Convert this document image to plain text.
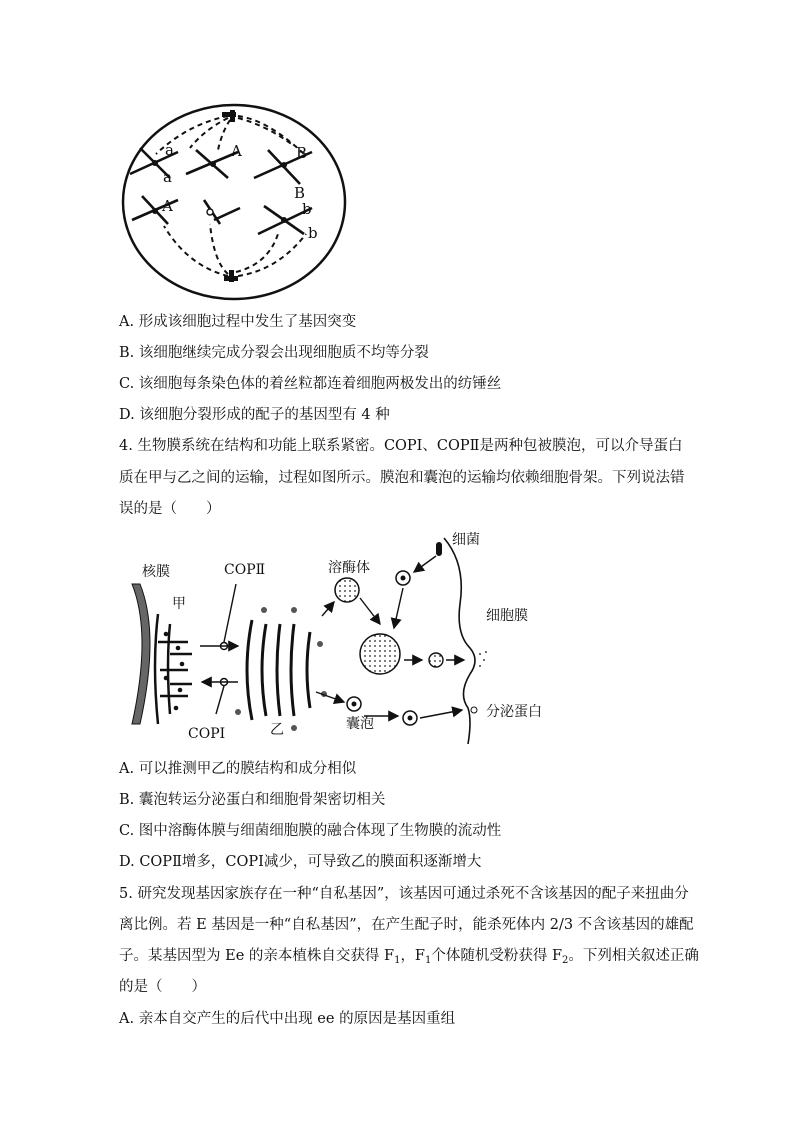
a
a
A
A
B
B
b
b
A. 形成该细胞过程中发生了基因突变
B. 该细胞继续完成分裂会出现细胞质不均等分裂
C. 该细胞每条染色体的着丝粒都连着细胞两极发出的纺锤丝
D. 该细胞分裂形成的配子的基因型有 4 种
4. 生物膜系统在结构和功能上联系紧密。COPⅠ、COPⅡ是两种包被膜泡，可以介导蛋白
质在甲与乙之间的运输，过程如图所示。膜泡和囊泡的运输均依赖细胞骨架。下列说法错
误的是（　　）
核膜
甲
COPⅡ
COPⅠ	乙
溶酶体
细菌
细胞膜
囊泡
分泌蛋白
A. 可以推测甲乙的膜结构和成分相似
B. 囊泡转运分泌蛋白和细胞骨架密切相关
C. 图中溶酶体膜与细菌细胞膜的融合体现了生物膜的流动性
D. COPⅡ增多，COPⅠ减少，可导致乙的膜面积逐渐增大
5. 研究发现基因家族存在一种“自私基因”，该基因可通过杀死不含该基因的配子来扭曲分
离比例。若 E 基因是一种“自私基因”，在产生配子时，能杀死体内 2/3 不含该基因的雄配
子。某基因型为 Ee 的亲本植株自交获得 $F_1$，$F_1$个体随机受粉获得 $F_2$。下列相关叙述正确
的是（　　）
A. 亲本自交产生的后代中出现 ee 的原因是基因重组
